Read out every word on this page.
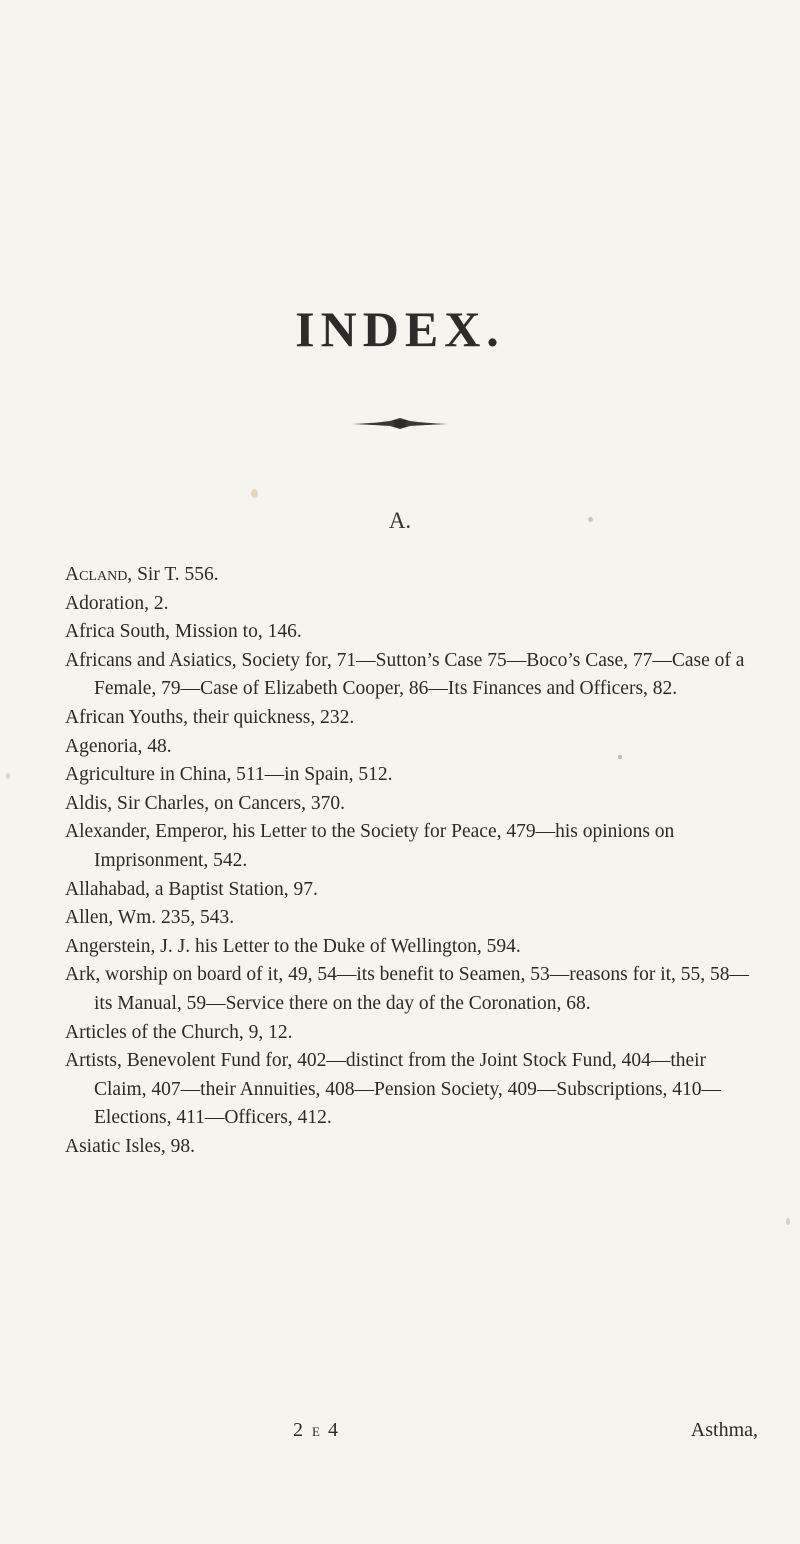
INDEX.
A.

Acland, Sir T. 556.

Adoration, 2.

Africa South, Mission to, 146.

Africans and Asiatics, Society for, 71—Sutton’s Case 75—Boco’s Case, 77—Case of a Female, 79—Case of Elizabeth Cooper, 86—Its Finances and Officers, 82.

African Youths, their quickness, 232.

Agenoria, 48.

Agriculture in China, 511—in Spain, 512.

Aldis, Sir Charles, on Cancers, 370.

Alexander, Emperor, his Letter to the Society for Peace, 479—his opinions on Imprisonment, 542.

Allahabad, a Baptist Station, 97.

Allen, Wm. 235, 543.

Angerstein, J. J. his Letter to the Duke of Wellington, 594.

Ark, worship on board of it, 49, 54—its benefit to Seamen, 53—reasons for it, 55, 58—its Manual, 59—Service there on the day of the Coronation, 68.

Articles of the Church, 9, 12.

Artists, Benevolent Fund for, 402—distinct from the Joint Stock Fund, 404—their Claim, 407—their Annuities, 408—Pension Society, 409—Subscriptions, 410—Elections, 411—Officers, 412.

Asiatic Isles, 98.

2 E 4	Asthma,
